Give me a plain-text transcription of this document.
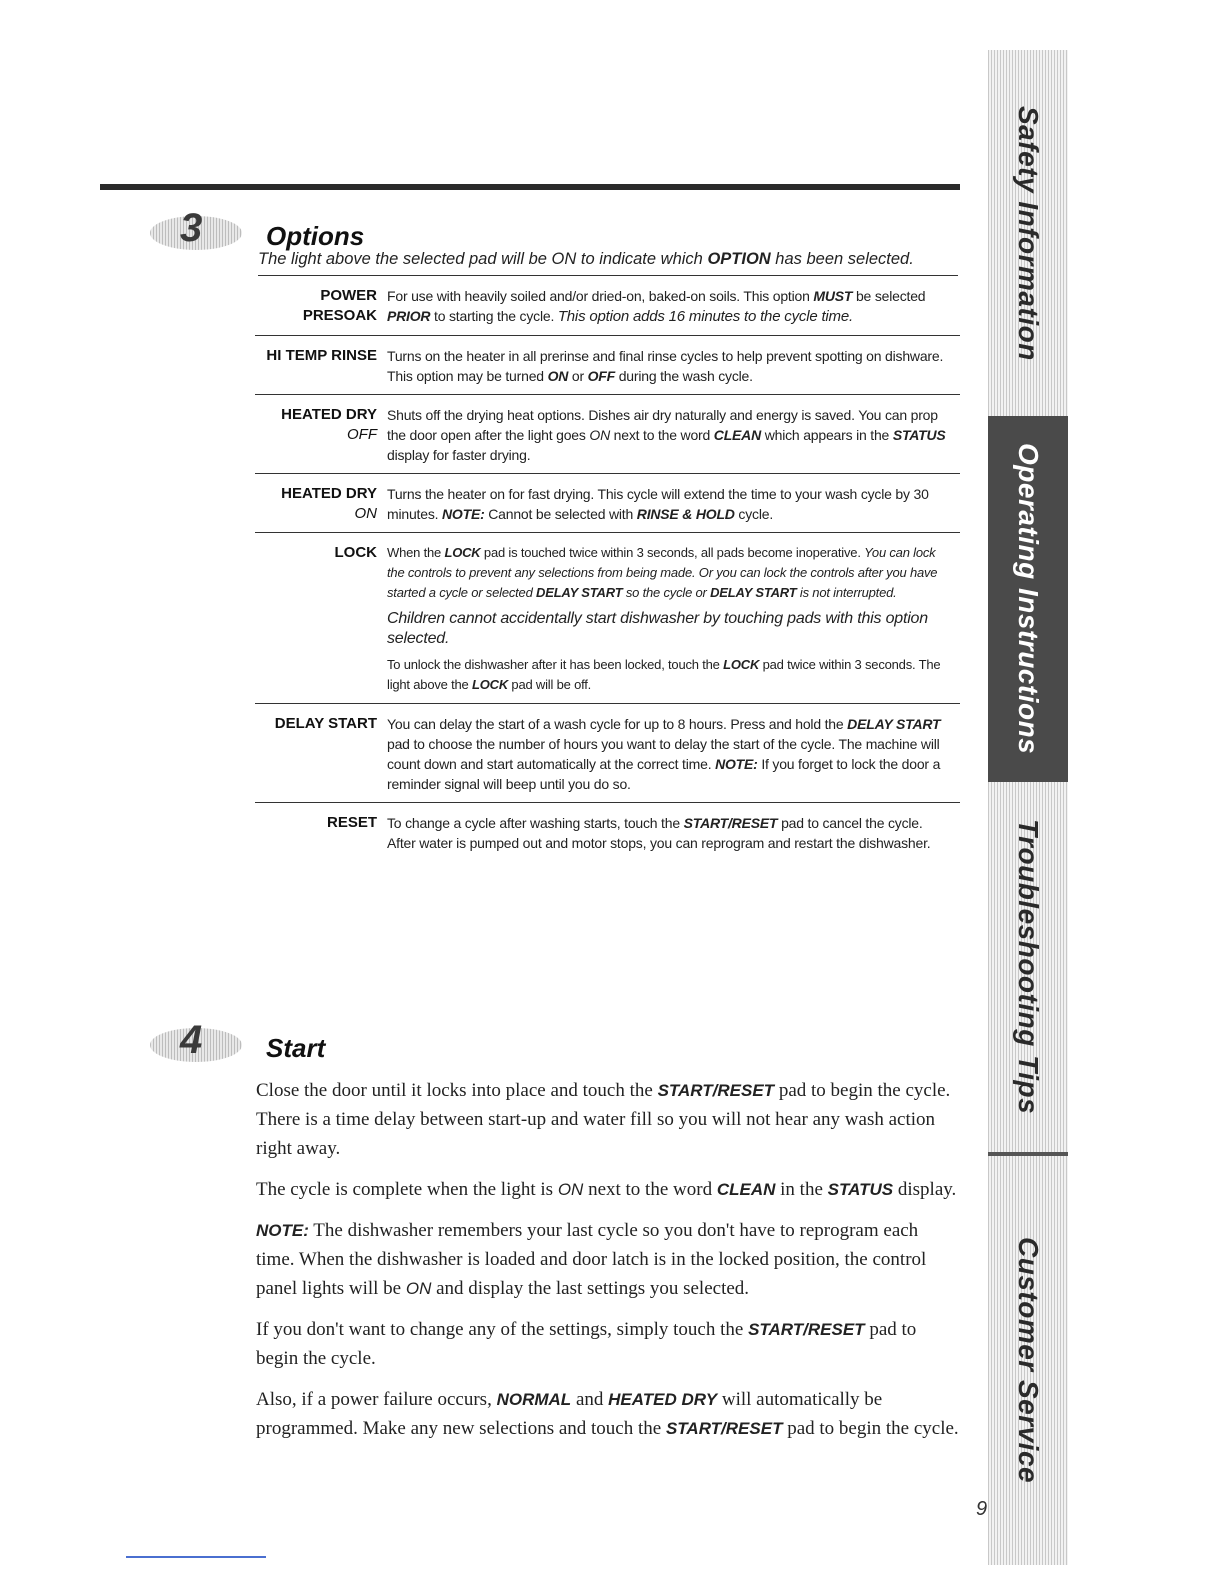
3 Options
The light above the selected pad will be ON to indicate which OPTION has been selected.
POWER
PRESOAK

For use with heavily soiled and/or dried-on, baked-on soils. This option MUST be selected PRIOR to starting the cycle. This option adds 16 minutes to the cycle time.

HI TEMP RINSE Turns on the heater in all prerinse and final rinse cycles to help prevent spotting on dishware. This option may be turned ON or OFF during the wash cycle.

HEATED DRY
OFF

Shuts off the drying heat options. Dishes air dry naturally and energy is saved. You can prop the door open after the light goes ON next to the word CLEAN which appears in the STATUS display for faster drying.

HEATED DRY
ON

Turns the heater on for fast drying. This cycle will extend the time to your wash cycle by 30 minutes. NOTE: Cannot be selected with RINSE & HOLD cycle.

LOCK When the LOCK pad is touched twice within 3 seconds, all pads become inoperative. You can lock the controls to prevent any selections from being made. Or you can lock the controls after you have started a cycle or selected DELAY START so the cycle or DELAY START is not interrupted.

Children cannot accidentally start dishwasher by touching pads with this option selected.

To unlock the dishwasher after it has been locked, touch the LOCK pad twice within 3 seconds. The light above the LOCK pad will be off.

DELAY START You can delay the start of a wash cycle for up to 8 hours. Press and hold the DELAY START pad to choose the number of hours you want to delay the start of the cycle. The machine will count down and start automatically at the correct time. NOTE: If you forget to lock the door a reminder signal will beep until you do so.

RESET To change a cycle after washing starts, touch the START/RESET pad to cancel the cycle. After water is pumped out and motor stops, you can reprogram and restart the dishwasher.

4 Start

Close the door until it locks into place and touch the START/RESET pad to begin the cycle. There is a time delay between start-up and water fill so you will not hear any wash action right away.

The cycle is complete when the light is ON next to the word CLEAN in the STATUS display.

NOTE: The dishwasher remembers your last cycle so you don't have to reprogram each time. When the dishwasher is loaded and door latch is in the locked position, the control panel lights will be ON and display the last settings you selected.

If you don't want to change any of the settings, simply touch the START/RESET pad to begin the cycle.

Also, if a power failure occurs, NORMAL and HEATED DRY will automatically be programmed. Make any new selections and touch the START/RESET pad to begin the cycle.

9
Safety Information
Operating Instructions
Troubleshooting Tips
Customer Service
